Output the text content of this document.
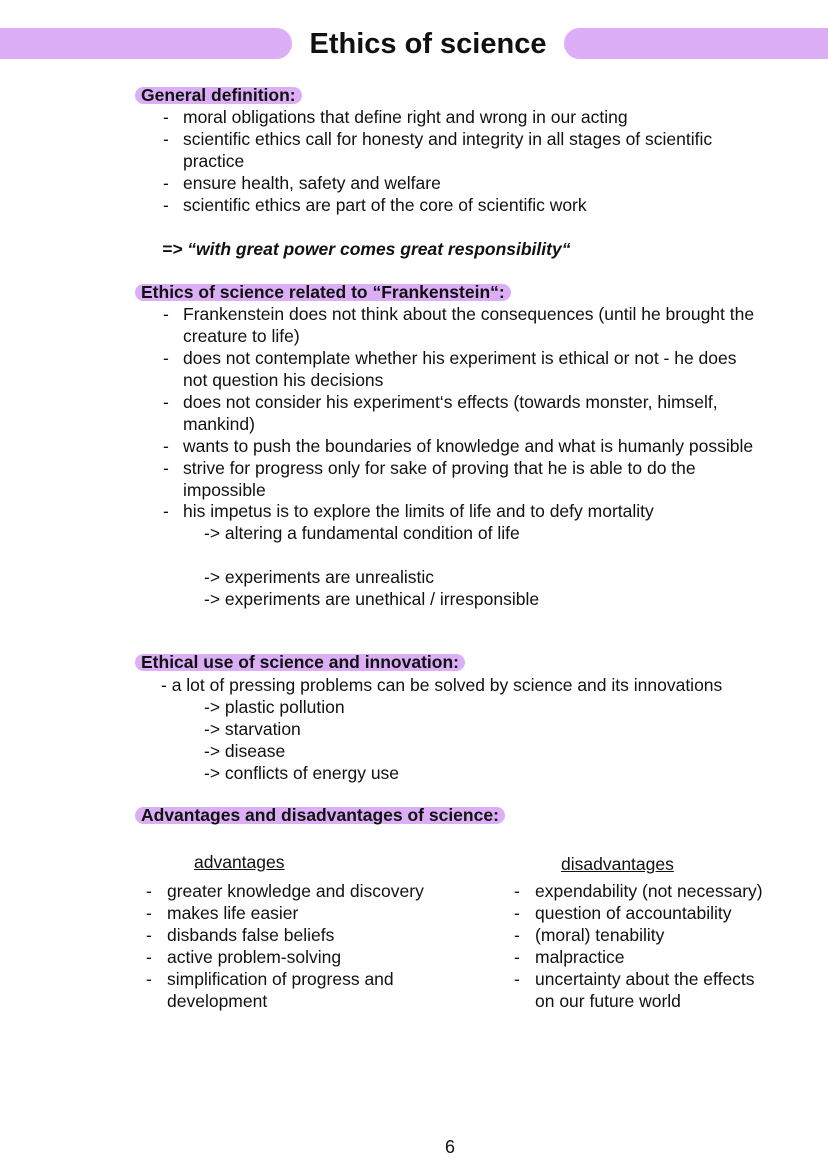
Ethics of science
General definition:
- moral obligations that define right and wrong in our acting
- scientific ethics call for honesty and integrity in all stages of scientific
practice
- ensure health, safety and welfare
- scientific ethics are part of the core of scientific work
=> “with great power comes great responsibility“
Ethics of science related to “Frankenstein“:
- Frankenstein does not think about the consequences (until he brought the
creature to life)
- does not contemplate whether his experiment is ethical or not - he does
not question his decisions
- does not consider his experiment‘s effects (towards monster, himself,
mankind)
- wants to push the boundaries of knowledge and what is humanly possible
- strive for progress only for sake of proving that he is able to do the
impossible
- his impetus is to explore the limits of life and to defy mortality
-> altering a fundamental condition of life
-> experiments are unrealistic
-> experiments are unethical / irresponsible
Ethical use of science and innovation:
- a lot of pressing problems can be solved by science and its innovations
-> plastic pollution
-> starvation
-> disease
-> conflicts of energy use
Advantages and disadvantages of science:
advantages	disadvantages
- greater knowledge and discovery
- makes life easier
- disbands false beliefs
- active problem-solving
- simplification of progress and
development
- expendability (not necessary)
- question of accountability
- (moral) tenability
- malpractice
- uncertainty about the effects
on our future world
6
